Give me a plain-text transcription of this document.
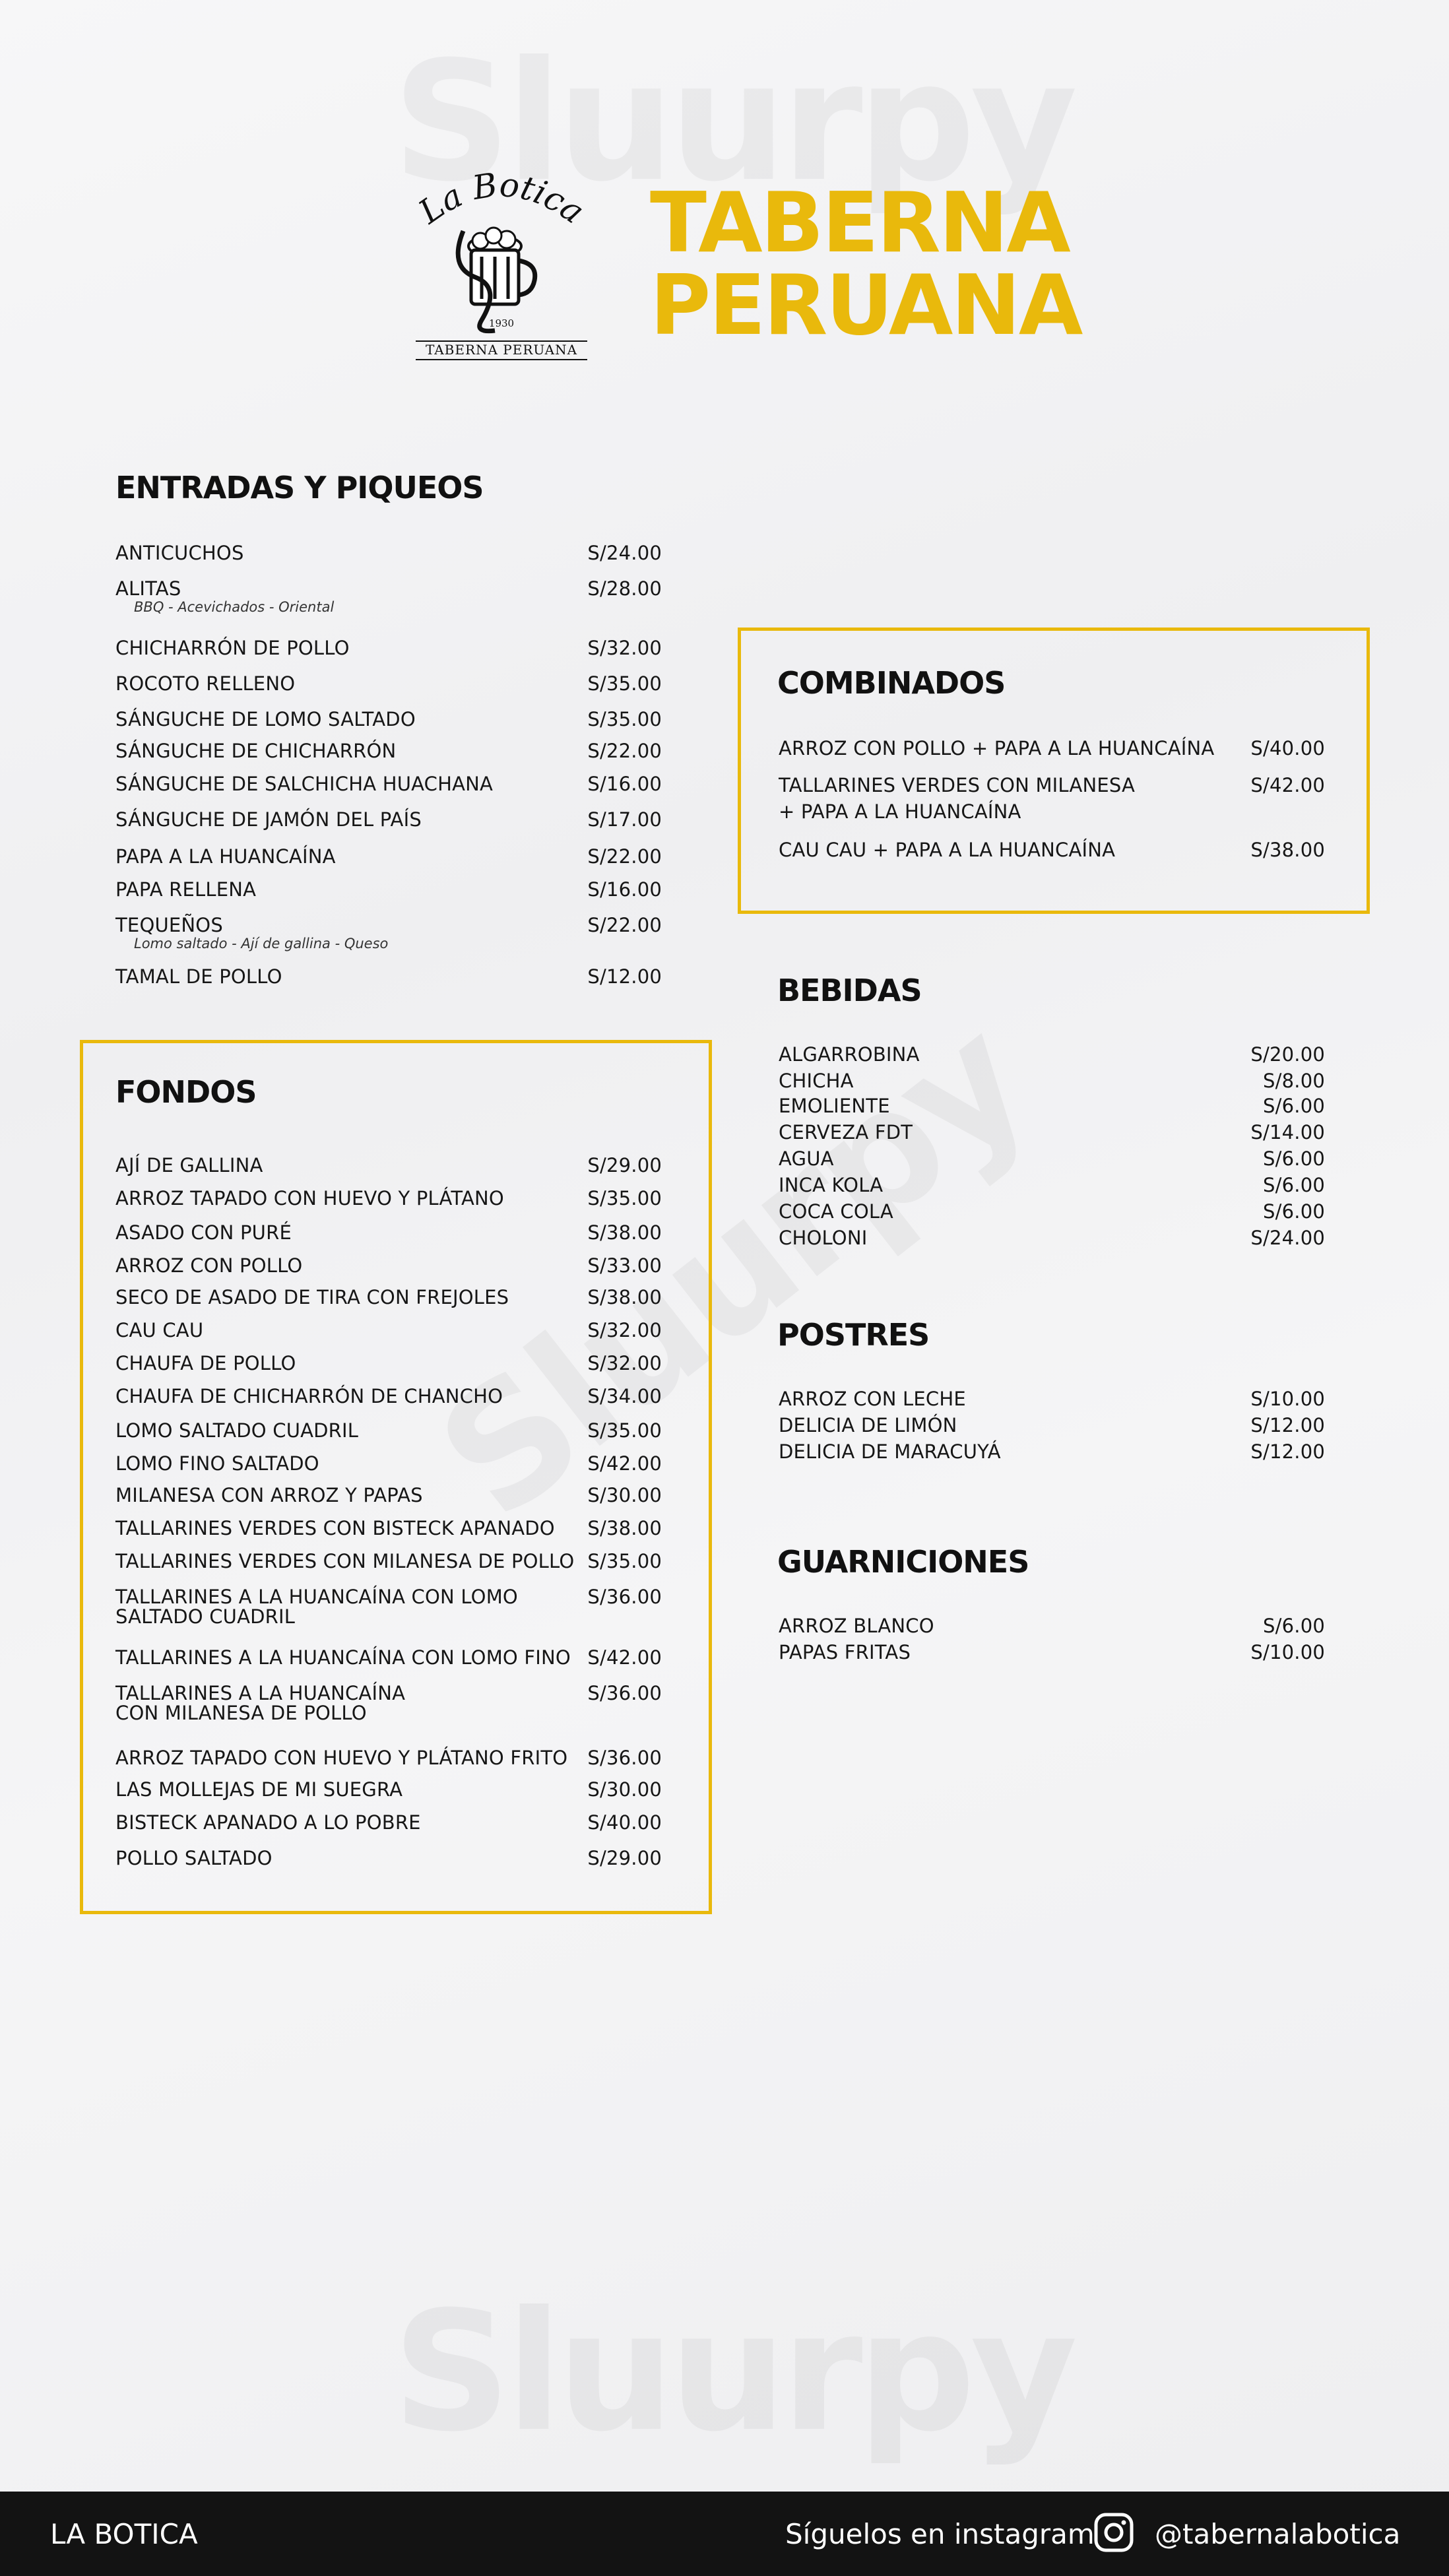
La Botica
1930
TABERNA PERUANA
TABERNA
PERUANA
ENTRADAS Y PIQUEOS
ANTICUCHOS	S/24.00
ALITAS
BBQ - Acevichados - Oriental
S/28.00
CHICHARRÓN DE POLLO	S/32.00
ROCOTO RELLENO	S/35.00
SÁNGUCHE DE LOMO SALTADO	S/35.00
SÁNGUCHE DE CHICHARRÓN	S/22.00
SÁNGUCHE DE SALCHICHA HUACHANA	S/16.00
SÁNGUCHE DE JAMÓN DEL PAÍS	S/17.00
PAPA A LA HUANCAÍNA	S/22.00
PAPA RELLENA	S/16.00
TEQUEÑOS
Lomo saltado - Ají de gallina - Queso
S/22.00
TAMAL DE POLLO	S/12.00
FONDOS
AJÍ DE GALLINA	S/29.00
ARROZ TAPADO CON HUEVO Y PLÁTANO	S/35.00
ASADO CON PURÉ	S/38.00
ARROZ CON POLLO	S/33.00
SECO DE ASADO DE TIRA CON FREJOLES	S/38.00
CAU CAU	S/32.00
CHAUFA DE POLLO	S/32.00
CHAUFA DE CHICHARRÓN DE CHANCHO	S/34.00
LOMO SALTADO CUADRIL	S/35.00
LOMO FINO SALTADO	S/42.00
MILANESA CON ARROZ Y PAPAS	S/30.00
TALLARINES VERDES CON BISTECK APANADO	S/38.00
TALLARINES VERDES CON MILANESA DE POLLO S/35.00
TALLARINES A LA HUANCAÍNA CON LOMO
SALTADO CUADRIL
S/36.00
TALLARINES A LA HUANCAÍNA CON LOMO FINO S/42.00
TALLARINES A LA HUANCAÍNA
CON MILANESA DE POLLO
S/36.00
ARROZ TAPADO CON HUEVO Y PLÁTANO FRITO	S/36.00
LAS MOLLEJAS DE MI SUEGRA	S/30.00
BISTECK APANADO A LO POBRE	S/40.00
POLLO SALTADO	S/29.00
COMBINADOS
ARROZ CON POLLO + PAPA A LA HUANCAÍNA	S/40.00
TALLARINES VERDES CON MILANESA
+ PAPA A LA HUANCAÍNA
S/42.00
CAU CAU + PAPA A LA HUANCAÍNA	S/38.00
BEBIDAS
ALGARROBINA	S/20.00
CHICHA	S/8.00
EMOLIENTE	S/6.00
CERVEZA FDT	S/14.00
AGUA	S/6.00
INCA KOLA	S/6.00
COCA COLA	S/6.00
CHOLONI	S/24.00
POSTRES
ARROZ CON LECHE	S/10.00
DELICIA DE LIMÓN	S/12.00
DELICIA DE MARACUYÁ	S/12.00
GUARNICIONES
ARROZ BLANCO	S/6.00
PAPAS FRITAS	S/10.00
LA BOTICA	Síguelos en instagram @tabernalabotica
